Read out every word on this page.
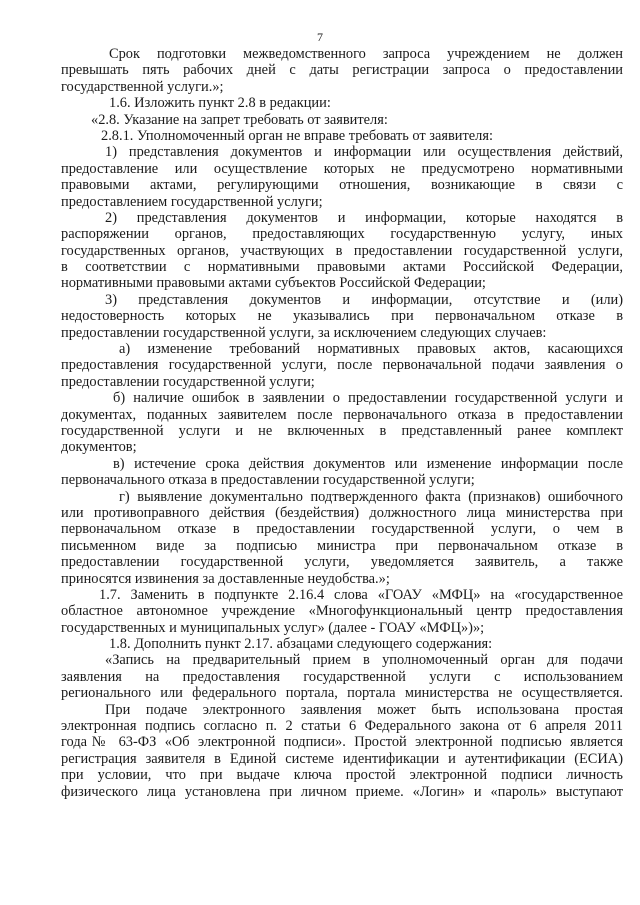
7
Срок подготовки межведомственного запроса учреждением не должен
превышать пять рабочих дней с даты регистрации запроса о предоставлении
государственной услуги.»;
1.6. Изложить пункт 2.8 в редакции:
«2.8. Указание на запрет требовать от заявителя:
2.8.1. Уполномоченный орган не вправе требовать от заявителя:
1) представления документов и информации или осуществления действий,
предоставление или осуществление которых не предусмотрено нормативными
правовыми актами, регулирующими отношения, возникающие в связи с
предоставлением государственной услуги;
2) представления документов и информации, которые находятся в
распоряжении органов, предоставляющих государственную услугу, иных
государственных органов, участвующих в предоставлении государственной услуги,
в соответствии с нормативными правовыми актами Российской Федерации,
нормативными правовыми актами субъектов Российской Федерации;
3) представления документов и информации, отсутствие и (или)
недостоверность которых не указывались при первоначальном отказе в
предоставлении государственной услуги, за исключением следующих случаев:
а) изменение требований нормативных правовых актов, касающихся
предоставления государственной услуги, после первоначальной подачи заявления о
предоставлении государственной услуги;
б) наличие ошибок в заявлении о предоставлении государственной услуги и
документах, поданных заявителем после первоначального отказа в предоставлении
государственной услуги и не включенных в представленный ранее комплект
документов;
в) истечение срока действия документов или изменение информации после
первоначального отказа в предоставлении государственной услуги;
г) выявление документально подтвержденного факта (признаков) ошибочного
или противоправного действия (бездействия) должностного лица министерства при
первоначальном отказе в предоставлении государственной услуги, о чем в
письменном виде за подписью министра при первоначальном отказе в
предоставлении государственной услуги, уведомляется заявитель, а также
приносятся извинения за доставленные неудобства.»;
1.7. Заменить в подпункте 2.16.4 слова «ГОАУ «МФЦ» на «государственное
областное автономное учреждение «Многофункциональный центр предоставления
государственных и муниципальных услуг» (далее - ГОАУ «МФЦ»)»;
1.8. Дополнить пункт 2.17. абзацами следующего содержания:
«Запись на предварительный прием в уполномоченный орган для подачи
заявления на предоставления государственной услуги с использованием
регионального или федерального портала, портала министерства не осуществляется.
При подаче электронного заявления может быть использована простая
электронная подпись согласно п. 2 статьи 6 Федерального закона от 6 апреля 2011
года№ 63-ФЗ «Об электронной подписи». Простой электронной подписью является
регистрация заявителя в Единой системе идентификации и аутентификации (ЕСИА)
при условии, что при выдаче ключа простой электронной подписи личность
физического лица установлена при личном приеме. «Логин» и «пароль» выступают
